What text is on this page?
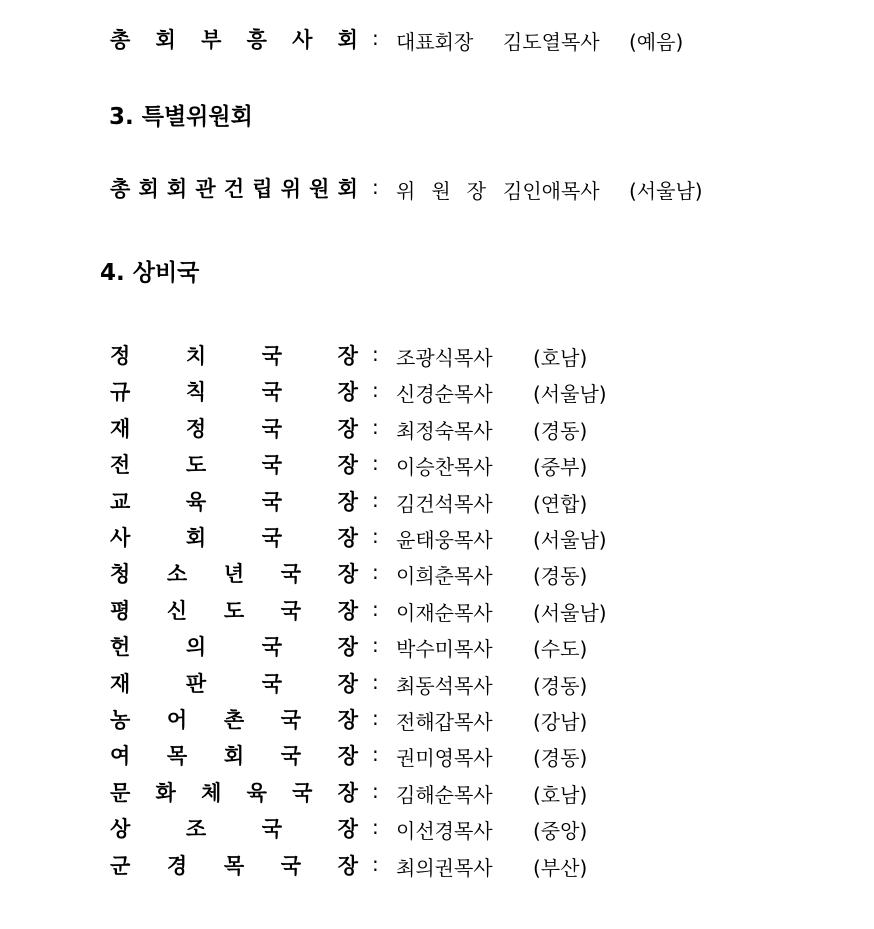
총 회 부 흥 사 회 : 대표회장 김도열목사 (예음)
3. 특별위원회
총 회 회 관 건 립 위 원 회 : 위 원 장 김인애목사 (서울남)
4. 상비국
정	치	국	장 : 조광식목사 (호남)
규	칙	국	장 : 신경순목사 (서울남)
재	정	국	장 : 최정숙목사 (경동)
전	도	국	장 : 이승찬목사 (중부)
교	육	국	장 : 김건석목사 (연합)
사	회	국	장 : 윤태웅목사 (서울남)
청 소 년 국 장 : 이희춘목사 (경동)
평 신 도 국 장 : 이재순목사 (서울남)
헌	의	국	장 : 박수미목사 (수도)
재	판	국	장 : 최동석목사 (경동)
농 어 촌 국 장 : 전해갑목사 (강남)
여 목 회 국 장 : 권미영목사 (경동)
문 화 체 육 국 장 : 김해순목사 (호남)
상	조	국	장 : 이선경목사 (중앙)
군 경 목 국 장 : 최의권목사 (부산)
